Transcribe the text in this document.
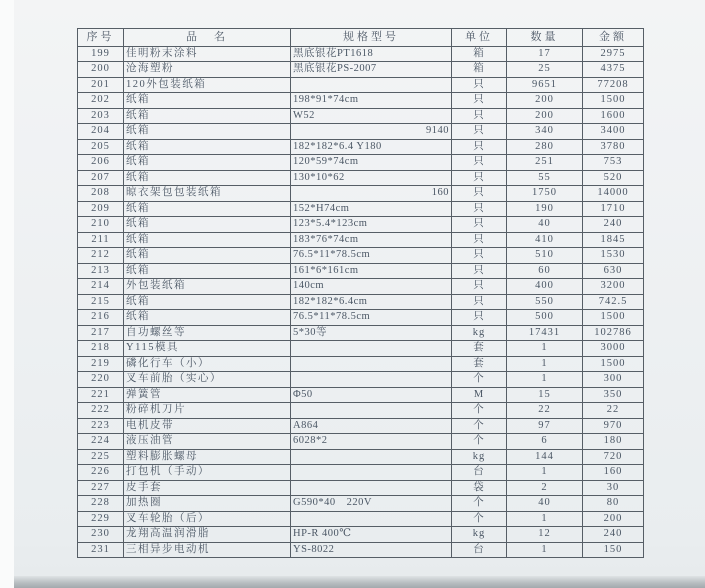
序号	品　名	规格型号	单位	数量	金额
199	佳明粉末涂料	黑底银花PT1618	箱	17	2975
200	沧海塑粉	黑底银花PS-2007	箱	25	4375
201	120外包装纸箱		只	9651	77208
202	纸箱	198*91*74cm	只	200	1500
203	纸箱	W52	只	200	1600
204	纸箱	9140	只	340	3400
205	纸箱	182*182*6.4 Y180	只	280	3780
206	纸箱	120*59*74cm	只	251	753
207	纸箱	130*10*62	只	55	520
208	晾衣架包包装纸箱	160	只	1750	14000
209	纸箱	152*H74cm	只	190	1710
210	纸箱	123*5.4*123cm	只	40	240
211	纸箱	183*76*74cm	只	410	1845
212	纸箱	76.5*11*78.5cm	只	510	1530
213	纸箱	161*6*161cm	只	60	630
214	外包装纸箱	140cm	只	400	3200
215	纸箱	182*182*6.4cm	只	550	742.5
216	纸箱	76.5*11*78.5cm	只	500	1500
217	自功螺丝等	5*30等	kg	17431	102786
218	Y115模具		套	1	3000
219	磷化行车（小）		套	1	1500
220	叉车前胎（实心）		个	1	300
221	弹簧管	Φ50	M	15	350
222	粉碎机刀片		个	22	22
223	电机皮带	A864	个	97	970
224	液压油管	6028*2	个	6	180
225	塑料膨胀螺母		kg	144	720
226	打包机（手动）		台	1	160
227	皮手套		袋	2	30
228	加热圈	G590*40　220V	个	40	80
229	叉车轮胎（后）		个	1	200
230	龙翔高温润滑脂	HP-R 400℃	kg	12	240
231	三相异步电动机	YS-8022	台	1	150
